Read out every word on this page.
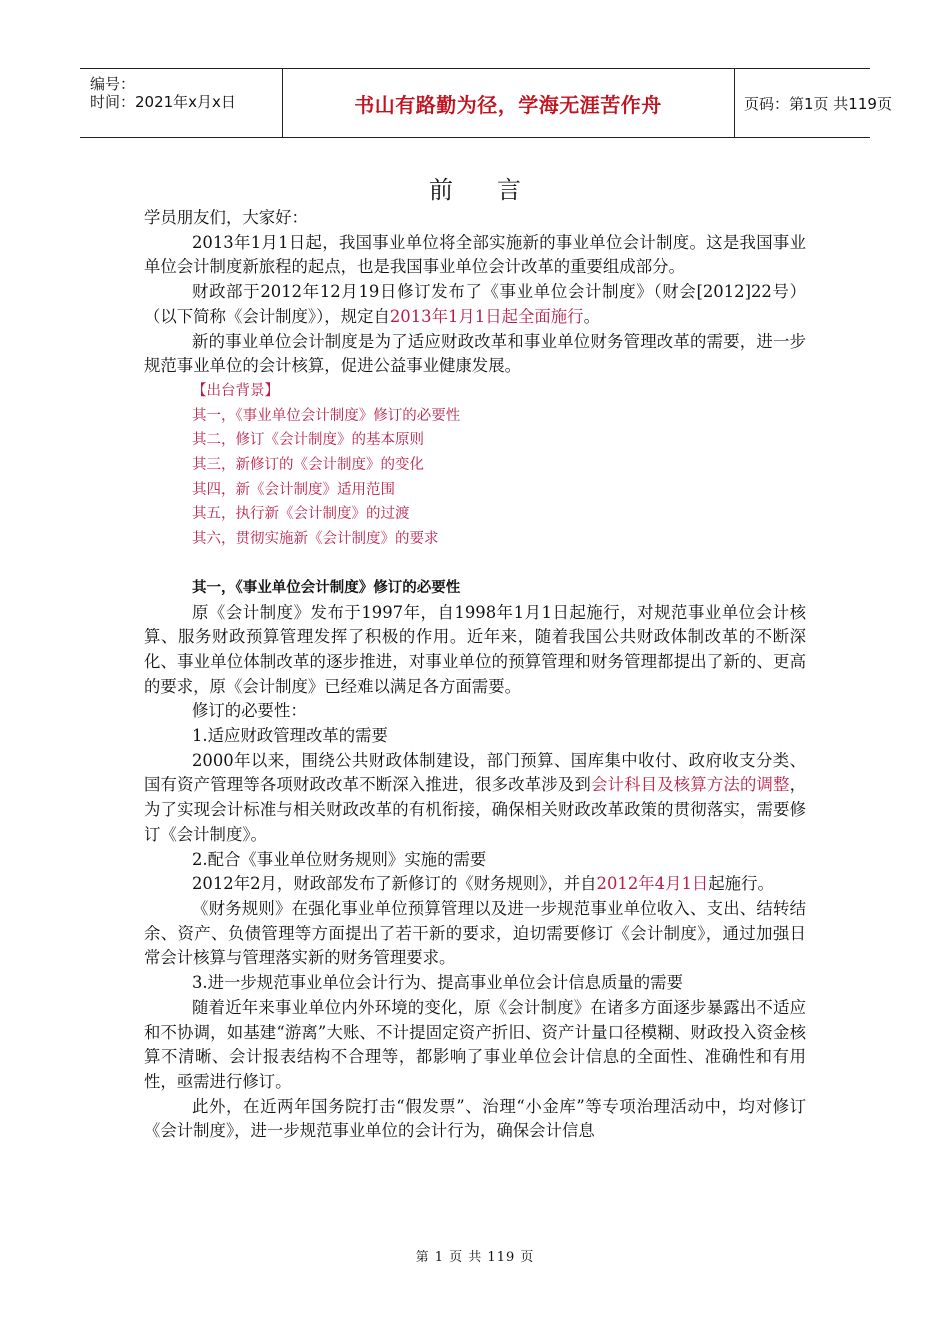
编号：
时间：2021年x月x日	书山有路勤为径，学海无涯苦作舟	页码：第1页 共119页
前言

学员朋友们，大家好：

2013年1月1日起，我国事业单位将全部实施新的事业单位会计制度。这是我国事业单位会计制度新旅程的起点，也是我国事业单位会计改革的重要组成部分。

财政部于2012年12月19日修订发布了《事业单位会计制度》（财会[2012]22号）（以下简称《会计制度》），规定自2013年1月1日起全面施行。

新的事业单位会计制度是为了适应财政改革和事业单位财务管理改革的需要，进一步规范事业单位的会计核算，促进公益事业健康发展。

【出台背景】

其一，《事业单位会计制度》修订的必要性

其二，修订《会计制度》的基本原则

其三，新修订的《会计制度》的变化

其四，新《会计制度》适用范围

其五，执行新《会计制度》的过渡

其六，贯彻实施新《会计制度》的要求

其一，《事业单位会计制度》修订的必要性

原《会计制度》发布于1997年，自1998年1月1日起施行，对规范事业单位会计核算、服务财政预算管理发挥了积极的作用。近年来，随着我国公共财政体制改革的不断深化、事业单位体制改革的逐步推进，对事业单位的预算管理和财务管理都提出了新的、更高的要求，原《会计制度》已经难以满足各方面需要。

修订的必要性：

1.适应财政管理改革的需要

2000年以来，围绕公共财政体制建设，部门预算、国库集中收付、政府收支分类、国有资产管理等各项财政改革不断深入推进，很多改革涉及到会计科目及核算方法的调整，为了实现会计标准与相关财政改革的有机衔接，确保相关财政改革政策的贯彻落实，需要修订《会计制度》。

2.配合《事业单位财务规则》实施的需要

2012年2月，财政部发布了新修订的《财务规则》，并自2012年4月1日起施行。

《财务规则》在强化事业单位预算管理以及进一步规范事业单位收入、支出、结转结余、资产、负债管理等方面提出了若干新的要求，迫切需要修订《会计制度》，通过加强日常会计核算与管理落实新的财务管理要求。

3.进一步规范事业单位会计行为、提高事业单位会计信息质量的需要

随着近年来事业单位内外环境的变化，原《会计制度》在诸多方面逐步暴露出不适应和不协调，如基建“游离”大账、不计提固定资产折旧、资产计量口径模糊、财政投入资金核算不清晰、会计报表结构不合理等，都影响了事业单位会计信息的全面性、准确性和有用性，亟需进行修订。

此外，在近两年国务院打击“假发票”、治理“小金库”等专项治理活动中，均对修订《会计制度》，进一步规范事业单位的会计行为，确保会计信息

第 1 页 共 119 页
